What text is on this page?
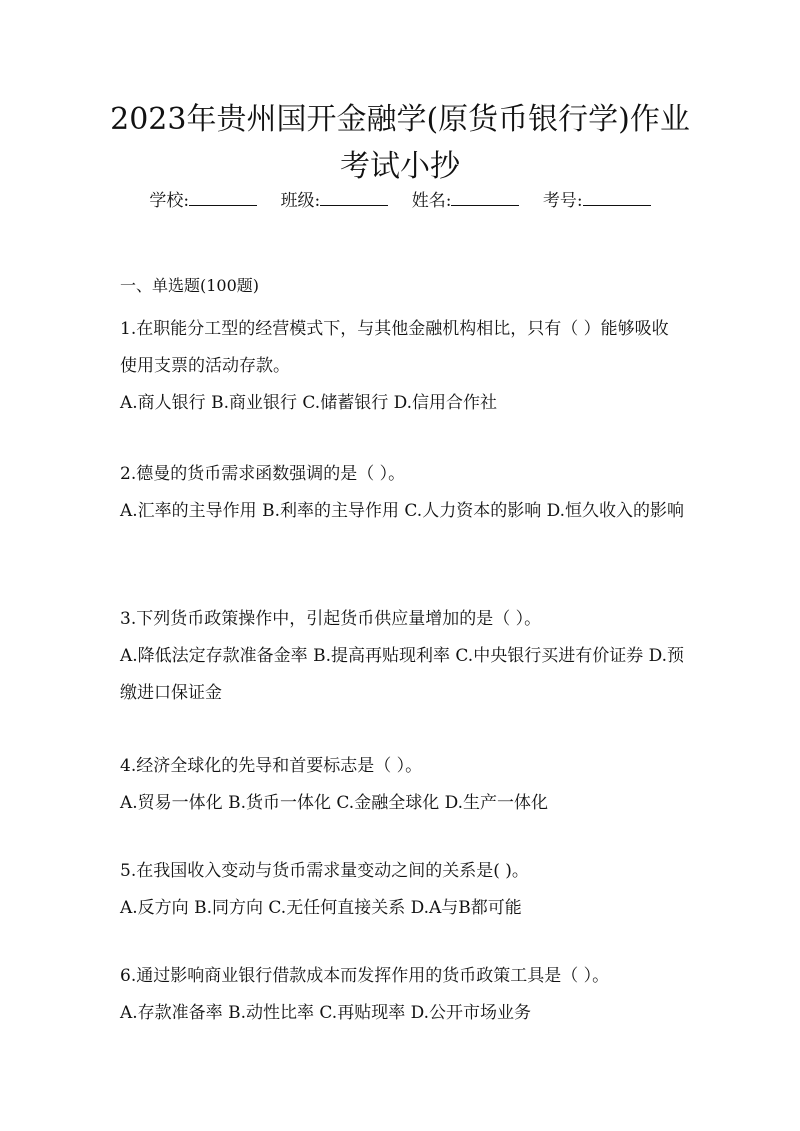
2023年贵州国开金融学(原货币银行学)作业考试小抄
学校:	班级:	姓名:	考号:
一、单选题(100题)

1.在职能分工型的经营模式下，与其他金融机构相比，只有（ ）能够吸收使用支票的活动存款。

A.商人银行 B.商业银行 C.储蓄银行 D.信用合作社

2.德曼的货币需求函数强调的是（ ）。

A.汇率的主导作用 B.利率的主导作用 C.人力资本的影响 D.恒久收入的影响

3.下列货币政策操作中，引起货币供应量增加的是（ ）。

A.降低法定存款准备金率 B.提高再贴现利率 C.中央银行买进有价证券 D.预缴进口保证金

4.经济全球化的先导和首要标志是（ ）。

A.贸易一体化 B.货币一体化 C.金融全球化 D.生产一体化

5.在我国收入变动与货币需求量变动之间的关系是( )。

A.反方向 B.同方向 C.无任何直接关系 D.A与B都可能

6.通过影响商业银行借款成本而发挥作用的货币政策工具是（ ）。

A.存款准备率 B.动性比率 C.再贴现率 D.公开市场业务
